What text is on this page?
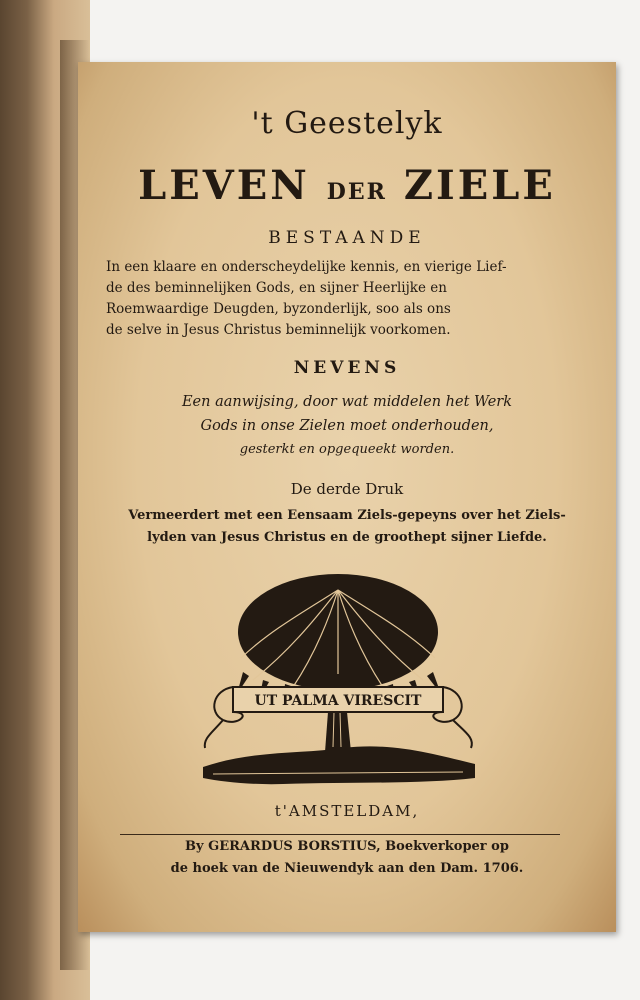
't Geestelyk
LEVEN DER ZIELE
BESTAANDE
In een klaare en onderscheydelijke kennis, en vierige Lief-
de des beminnelijken Gods, en sijner Heerlijke en
Roemwaardige Deugden, byzonderlijk, soo als ons
de selve in Jesus Christus beminnelijk voorkomen.
NEVENS
Een aanwijsing, door wat middelen het Werk
Gods in onse Zielen moet onderhouden,
gesterkt en opgequeekt worden.
De derde Druk
Vermeerdert met een Eensaam Ziels-gepeyns over het Ziels-
lyden van Jesus Christus en de groothept sijner Liefde.
UT PALMA VIRESCIT
t'AMSTELDAM,
By GERARDUS BORSTIUS, Boekverkoper op
de hoek van de Nieuwendyk aan den Dam. 1706.
